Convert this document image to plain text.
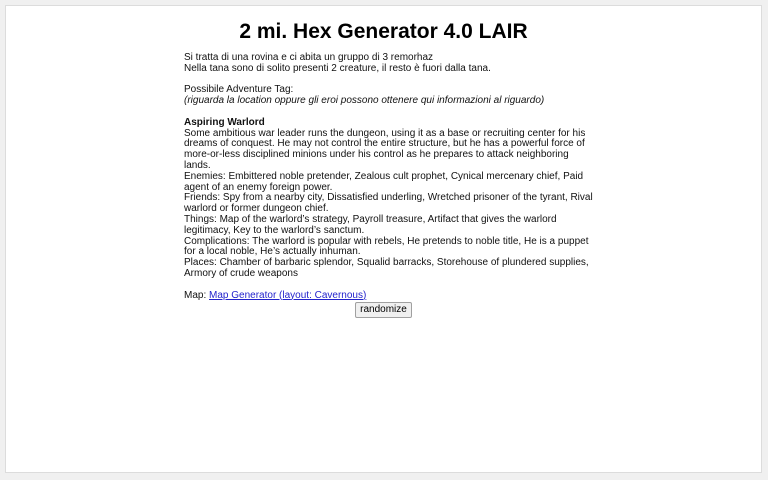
2 mi. Hex Generator 4.0 LAIR

Si tratta di una rovina e ci abita un gruppo di 3 remorhaz

Nella tana sono di solito presenti 2 creature, il resto è fuori dalla tana.

Possibile Adventure Tag:

(riguarda la location oppure gli eroi possono ottenere qui informazioni al riguardo)

Aspiring Warlord

Some ambitious war leader runs the dungeon, using it as a base or recruiting center for his dreams of conquest. He may not control the entire structure, but he has a powerful force of more-or-less disciplined minions under his control as he prepares to attack neighboring lands.

Enemies: Embittered noble pretender, Zealous cult prophet, Cynical mercenary chief, Paid agent of an enemy foreign power.

Friends: Spy from a nearby city, Dissatisfied underling, Wretched prisoner of the tyrant, Rival warlord or former dungeon chief.

Things: Map of the warlord’s strategy, Payroll treasure, Artifact that gives the warlord legitimacy, Key to the warlord’s sanctum.

Complications: The warlord is popular with rebels, He pretends to noble title, He is a puppet for a local noble, He’s actually inhuman.

Places: Chamber of barbaric splendor, Squalid barracks, Storehouse of plundered supplies, Armory of crude weapons

Map: Map Generator (layout: Cavernous)

randomize
